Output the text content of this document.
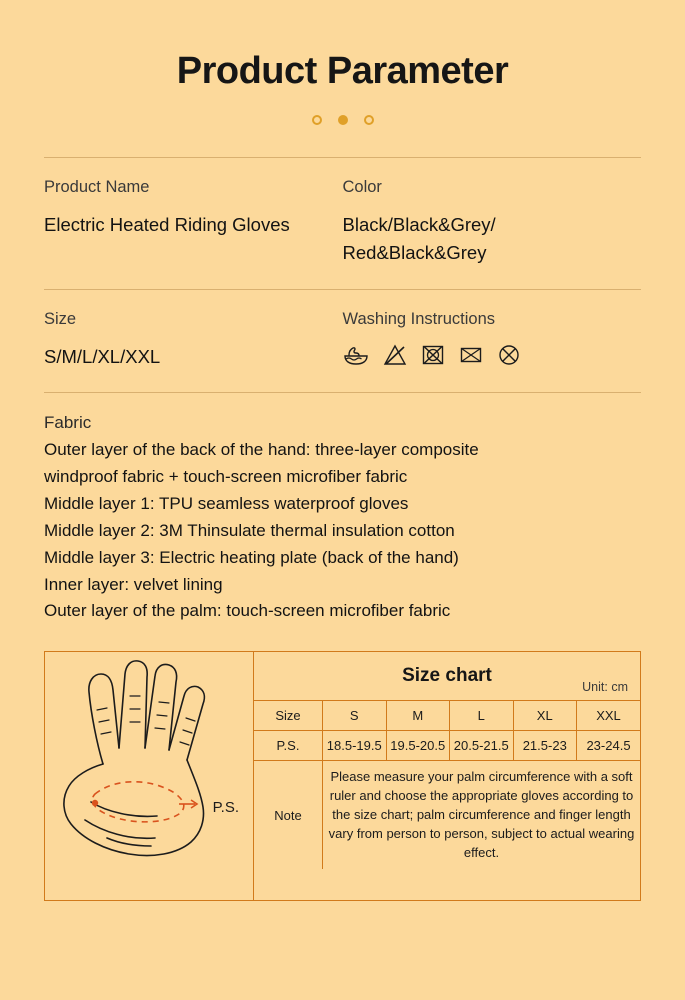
Product Parameter
Product Name
Electric Heated Riding Gloves
Color
Black/Black&Grey/ Red&Black&Grey
Size
S/M/L/XL/XXL
Washing Instructions
Fabric
Outer layer of the back of the hand: three-layer composite
windproof fabric + touch-screen microfiber fabric
Middle layer 1: TPU seamless waterproof gloves
Middle layer 2: 3M Thinsulate thermal insulation cotton
Middle layer 3: Electric heating plate (back of the hand)
Inner layer: velvet lining
Outer layer of the palm: touch-screen microfiber fabric
P.S.
Size chart
Unit: cm
Size	S	M	L	XL	XXL
P.S.	18.5-19.5	19.5-20.5	20.5-21.5	21.5-23	23-24.5
Note	Please measure your palm circumference with a soft ruler and choose the appropriate gloves according to the size chart; palm circumference and finger length vary from person to person, subject to actual wearing effect.				
